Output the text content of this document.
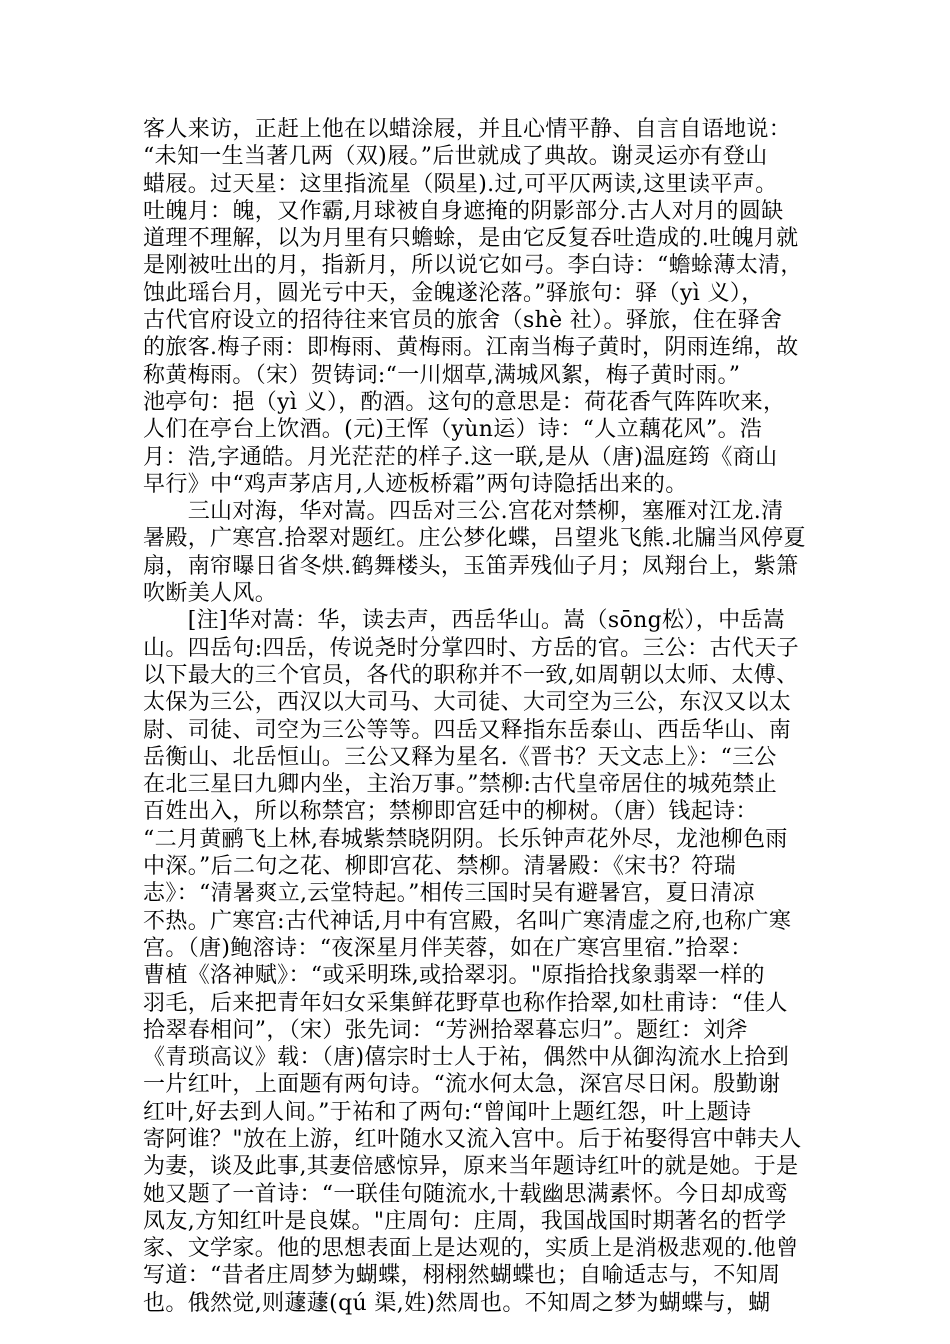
客人来访，正赶上他在以蜡涂屐，并且心情平静、自言自语地说：
“未知一生当著几两（双)屐。”后世就成了典故。谢灵运亦有登山
蜡屐。过天星：这里指流星（陨星).过,可平仄两读,这里读平声。
吐魄月：魄，又作霸,月球被自身遮掩的阴影部分.古人对月的圆缺
道理不理解，以为月里有只蟾蜍，是由它反复吞吐造成的.吐魄月就
是刚被吐出的月，指新月，所以说它如弓。李白诗：“蟾蜍薄太清，
蚀此瑶台月，圆光亏中天，金魄遂沦落。”驿旅句：驿（yì 义），
古代官府设立的招待往来官员的旅舍（shè 社）。驿旅，住在驿舍
的旅客.梅子雨：即梅雨、黄梅雨。江南当梅子黄时，阴雨连绵，故
称黄梅雨。（宋）贺铸词:“一川烟草,满城风絮，梅子黄时雨。”
池亭句：挹（yì 义），酌酒。这句的意思是：荷花香气阵阵吹来，
人们在亭台上饮酒。(元)王恽（yùn运）诗：“人立藕花风”。浩
月：浩,字通皓。月光茫茫的样子.这一联,是从（唐)温庭筠《商山
早行》中“鸡声茅店月,人迹板桥霜”两句诗隐括出来的。
　　三山对海，华对嵩。四岳对三公.宫花对禁柳，塞雁对江龙.清
暑殿，广寒宫.拾翠对题红。庄公梦化蝶，吕望兆飞熊.北牖当风停夏
扇，南帘曝日省冬烘.鹤舞楼头，玉笛弄残仙子月；凤翔台上，紫箫
吹断美人风。
　　[注]华对嵩：华，读去声，西岳华山。嵩（sōng松），中岳嵩
山。四岳句:四岳，传说尧时分掌四时、方岳的官。三公：古代天子
以下最大的三个官员，各代的职称并不一致,如周朝以太师、太傅、
太保为三公，西汉以大司马、大司徒、大司空为三公，东汉又以太
尉、司徒、司空为三公等等。四岳又释指东岳泰山、西岳华山、南
岳衡山、北岳恒山。三公又释为星名.《晋书？天文志上》：“三公
在北三星曰九卿内坐，主治万事。”禁柳:古代皇帝居住的城苑禁止
百姓出入，所以称禁宫；禁柳即宫廷中的柳树。（唐）钱起诗：
“二月黄鹂飞上林,春城紫禁晓阴阴。长乐钟声花外尽，龙池柳色雨
中深。”后二句之花、柳即宫花、禁柳。清暑殿：《宋书？符瑞
志》：“清暑爽立,云堂特起。”相传三国时吴有避暑宫，夏日清凉
不热。广寒宫:古代神话,月中有宫殿，名叫广寒清虚之府,也称广寒
宫。（唐)鲍溶诗：“夜深星月伴芙蓉，如在广寒宫里宿.”拾翠：
曹植《洛神赋》：“或采明珠,或拾翠羽。"原指拾找象翡翠一样的
羽毛，后来把青年妇女采集鲜花野草也称作拾翠,如杜甫诗：“佳人
拾翠春相问”，（宋）张先词：“芳洲拾翠暮忘归”。题红：刘斧
《青琐高议》载：（唐)僖宗时士人于祐，偶然中从御沟流水上拾到
一片红叶，上面题有两句诗。“流水何太急，深宫尽日闲。殷勤谢
红叶,好去到人间。”于祐和了两句:“曾闻叶上题红怨，叶上题诗
寄阿谁？"放在上游，红叶随水又流入宫中。后于祐娶得宫中韩夫人
为妻，谈及此事,其妻倍感惊异，原来当年题诗红叶的就是她。于是
她又题了一首诗：“一联佳句随流水,十载幽思满素怀。今日却成鸾
凤友,方知红叶是良媒。"庄周句：庄周，我国战国时期著名的哲学
家、文学家。他的思想表面上是达观的，实质上是消极悲观的.他曾
写道：“昔者庄周梦为蝴蝶，栩栩然蝴蝶也；自喻适志与，不知周
也。俄然觉,则蘧蘧(qú 渠,姓)然周也。不知周之梦为蝴蝶与，蝴
